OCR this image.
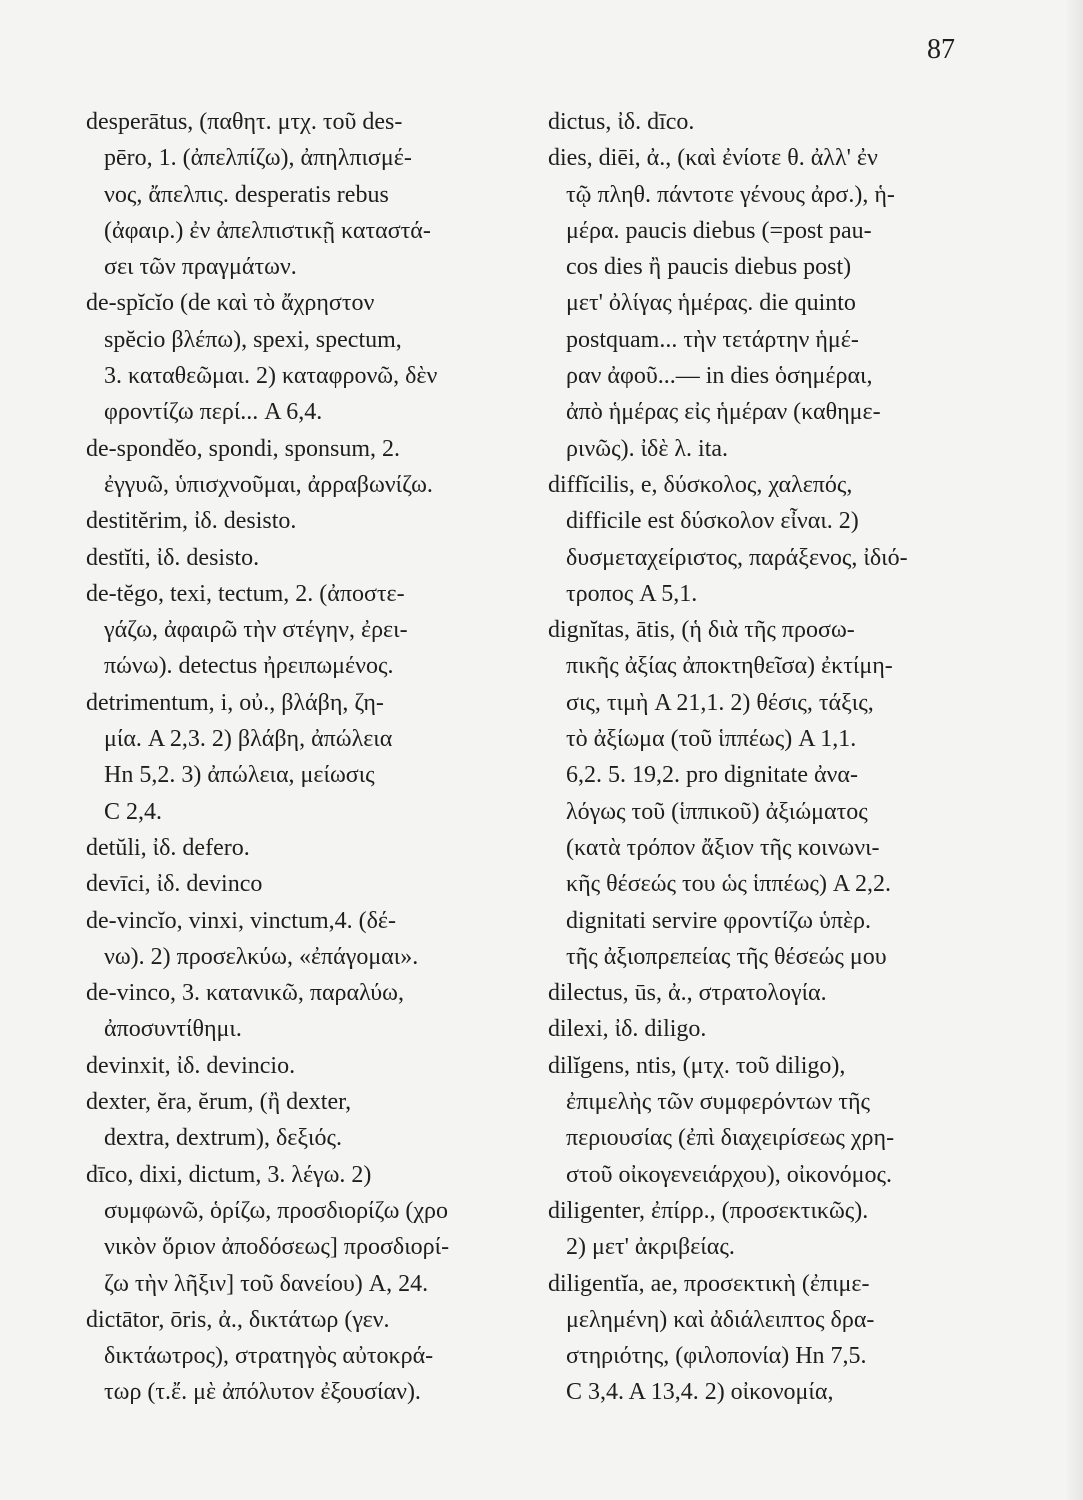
87
desperātus, (παθητ. μτχ. τοῦ des-
pēro, 1. (ἀπελπίζω), ἀπηλπισμέ-
νος, ἄπελπις. desperatis rebus
(ἀφαιρ.) ἐν ἀπελπιστικῇ καταστά-
σει τῶν πραγμάτων.
de-spĭcĭo (de καὶ τὸ ἄχρηστον
spĕcio βλέπω), spexi, spectum,
3. καταθεῶμαι. 2) καταφρονῶ, δὲν
φροντίζω περί... A 6,4.
de-spondĕo, spondi, sponsum, 2.
ἐγγυῶ, ὑπισχνοῦμαι, ἀρραβωνίζω.
destitĕrim, ἰδ. desisto.
destĭti, ἰδ. desisto.
de-tĕgo, texi, tectum, 2. (ἀποστε-
γάζω, ἀφαιρῶ τὴν στέγην, ἐρει-
πώνω). detectus ἠρειπωμένος.
detrimentum, i, οὐ., βλάβη, ζη-
μία. A 2,3. 2) βλάβη, ἀπώλεια
Hn 5,2. 3) ἀπώλεια, μείωσις
C 2,4.
detŭli, ἰδ. defero.
devīci, ἰδ. devinco
de-vincĭo, vinxi, vinctum,4. (δέ-
νω). 2) προσελκύω, «ἐπάγομαι».
de-vinco, 3. κατανικῶ, παραλύω,
ἀποσυντίθημι.
devinxit, ἰδ. devincio.
dexter, ĕra, ĕrum, (ἢ dexter,
dextra, dextrum), δεξιός.
dīco, dixi, dictum, 3. λέγω. 2)
συμφωνῶ, ὁρίζω, προσδιορίζω (χρο
νικὸν ὅριον ἀποδόσεως] προσδιορί-
ζω τὴν λῆξιν] τοῦ δανείου) A, 24.
dictātor, ōris, ἀ., δικτάτωρ (γεν.
δικτάωτρος), στρατηγὸς αὐτοκρά-
τωρ (τ.ἔ. μὲ ἀπόλυτον ἐξουσίαν).
dictus, ἰδ. dīco.
dies, diēi, ἀ., (καὶ ἐνίοτε θ. ἀλλ' ἐν
τῷ πληθ. πάντοτε γένους ἀρσ.), ἡ-
μέρα. paucis diebus (=post pau-
cos dies ἢ paucis diebus post)
μετ' ὀλίγας ἡμέρας. die quinto
postquam... τὴν τετάρτην ἡμέ-
ραν ἀφοῦ...— in dies ὁσημέραι,
ἀπὸ ἡμέρας εἰς ἡμέραν (καθημε-
ρινῶς). ἰδὲ λ. ita.
diffĭcilis, e, δύσκολος, χαλεπός,
difficile est δύσκολον εἶναι. 2)
δυσμεταχείριστος, παράξενος, ἰδιό-
τροπος A 5,1.
dignĭtas, ātis, (ἡ διὰ τῆς προσω-
πικῆς ἀξίας ἀποκτηθεῖσα) ἐκτίμη-
σις, τιμὴ A 21,1. 2) θέσις, τάξις,
τὸ ἀξίωμα (τοῦ ἱππέως) A 1,1.
6,2. 5. 19,2. pro dignitate ἀνα-
λόγως τοῦ (ἱππικοῦ) ἀξιώματος
(κατὰ τρόπον ἄξιον τῆς κοινωνι-
κῆς θέσεώς του ὡς ἱππέως) A 2,2.
dignitati servire φροντίζω ὑπὲρ.
τῆς ἀξιοπρεπείας τῆς θέσεώς μου
dilectus, ūs, ἀ., στρατολογία.
dilexi, ἰδ. diligo.
dilĭgens, ntis, (μτχ. τοῦ diligo),
ἐπιμελὴς τῶν συμφερόντων τῆς
περιουσίας (ἐπὶ διαχειρίσεως χρη-
στοῦ οἰκογενειάρχου), οἰκονόμος.
diligenter, ἐπίρρ., (προσεκτικῶς).
2) μετ' ἀκριβείας.
diligentĭa, ae, προσεκτικὴ (ἐπιμε-
μελημένη) καὶ ἀδιάλειπτος δρα-
στηριότης, (φιλοπονία) Hn 7,5.
C 3,4. A 13,4. 2) οἰκονομία,
